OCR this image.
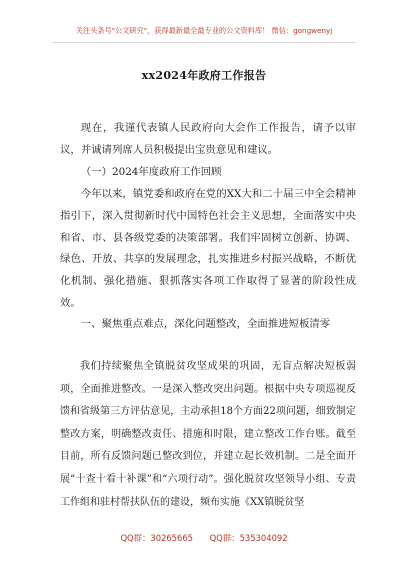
关注头条号"公文研究"，获得最新最全最专业的公文资料库！ 微信：gongwenyj
xx2024年政府工作报告
现在，我谨代表镇人民政府向大会作工作报告，请予以审议，并诚请列席人员积极提出宝贵意见和建议。
（一）2024年度政府工作回顾
今年以来，镇党委和政府在党的XX大和二十届三中全会精神指引下，深入贯彻新时代中国特色社会主义思想，全面落实中央和省、市、县各级党委的决策部署。我们牢固树立创新、协调、绿色、开放、共享的发展理念，扎实推进乡村振兴战略，不断优化机制、强化措施、狠抓落实各项工作取得了显著的阶段性成效。
一、聚焦重点难点，深化问题整改，全面推进短板清零
我们持续聚焦全镇脱贫攻坚成果的巩固，无盲点解决短板弱项，全面推进整改。一是深入整改突出问题。根据中央专项巡视反馈和省级第三方评估意见，主动承担18个方面22项问题，细致制定整改方案，明确整改责任、措施和时限，建立整改工作台账。截至目前，所有反馈问题已整改到位，并建立起长效机制。二是全面开展“十查十看十补课”和“六项行动”。强化脱贫攻坚领导小组、专责工作组和驻村帮扶队伍的建设，频布实施《XX镇脱贫坚
QQ群：30265665 QQ群：535304092
